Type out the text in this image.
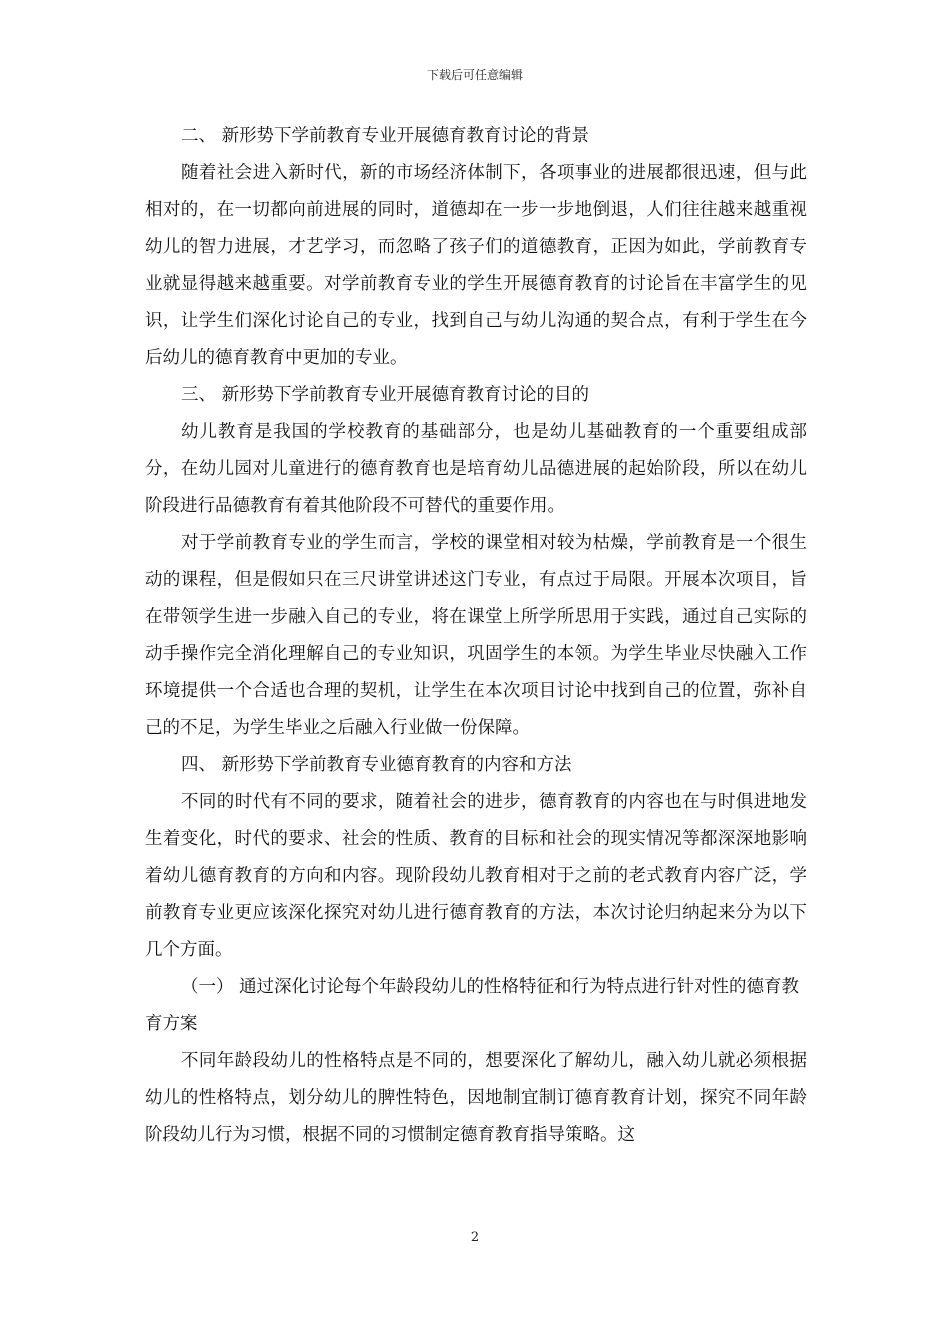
下载后可任意编辑
二、 新形势下学前教育专业开展德育教育讨论的背景

随着社会进入新时代，新的市场经济体制下，各项事业的进展都很迅速，但与此相对的，在一切都向前进展的同时，道德却在一步一步地倒退，人们往往越来越重视幼儿的智力进展，才艺学习，而忽略了孩子们的道德教育，正因为如此，学前教育专业就显得越来越重要。对学前教育专业的学生开展德育教育的讨论旨在丰富学生的见识，让学生们深化讨论自己的专业，找到自己与幼儿沟通的契合点，有利于学生在今后幼儿的德育教育中更加的专业。

三、 新形势下学前教育专业开展德育教育讨论的目的

幼儿教育是我国的学校教育的基础部分，也是幼儿基础教育的一个重要组成部分，在幼儿园对儿童进行的德育教育也是培育幼儿品德进展的起始阶段，所以在幼儿阶段进行品德教育有着其他阶段不可替代的重要作用。

对于学前教育专业的学生而言，学校的课堂相对较为枯燥，学前教育是一个很生动的课程，但是假如只在三尺讲堂讲述这门专业，有点过于局限。开展本次项目，旨在带领学生进一步融入自己的专业，将在课堂上所学所思用于实践，通过自己实际的动手操作完全消化理解自己的专业知识，巩固学生的本领。为学生毕业尽快融入工作环境提供一个合适也合理的契机，让学生在本次项目讨论中找到自己的位置，弥补自己的不足，为学生毕业之后融入行业做一份保障。

四、 新形势下学前教育专业德育教育的内容和方法

不同的时代有不同的要求，随着社会的进步，德育教育的内容也在与时俱进地发生着变化，时代的要求、社会的性质、教育的目标和社会的现实情况等都深深地影响着幼儿德育教育的方向和内容。现阶段幼儿教育相对于之前的老式教育内容广泛，学前教育专业更应该深化探究对幼儿进行德育教育的方法，本次讨论归纳起来分为以下几个方面。

（一） 通过深化讨论每个年龄段幼儿的性格特征和行为特点进行针对性的德育教育方案

不同年龄段幼儿的性格特点是不同的，想要深化了解幼儿，融入幼儿就必须根据幼儿的性格特点，划分幼儿的脾性特色，因地制宜制订德育教育计划，探究不同年龄阶段幼儿行为习惯，根据不同的习惯制定德育教育指导策略。这

2
